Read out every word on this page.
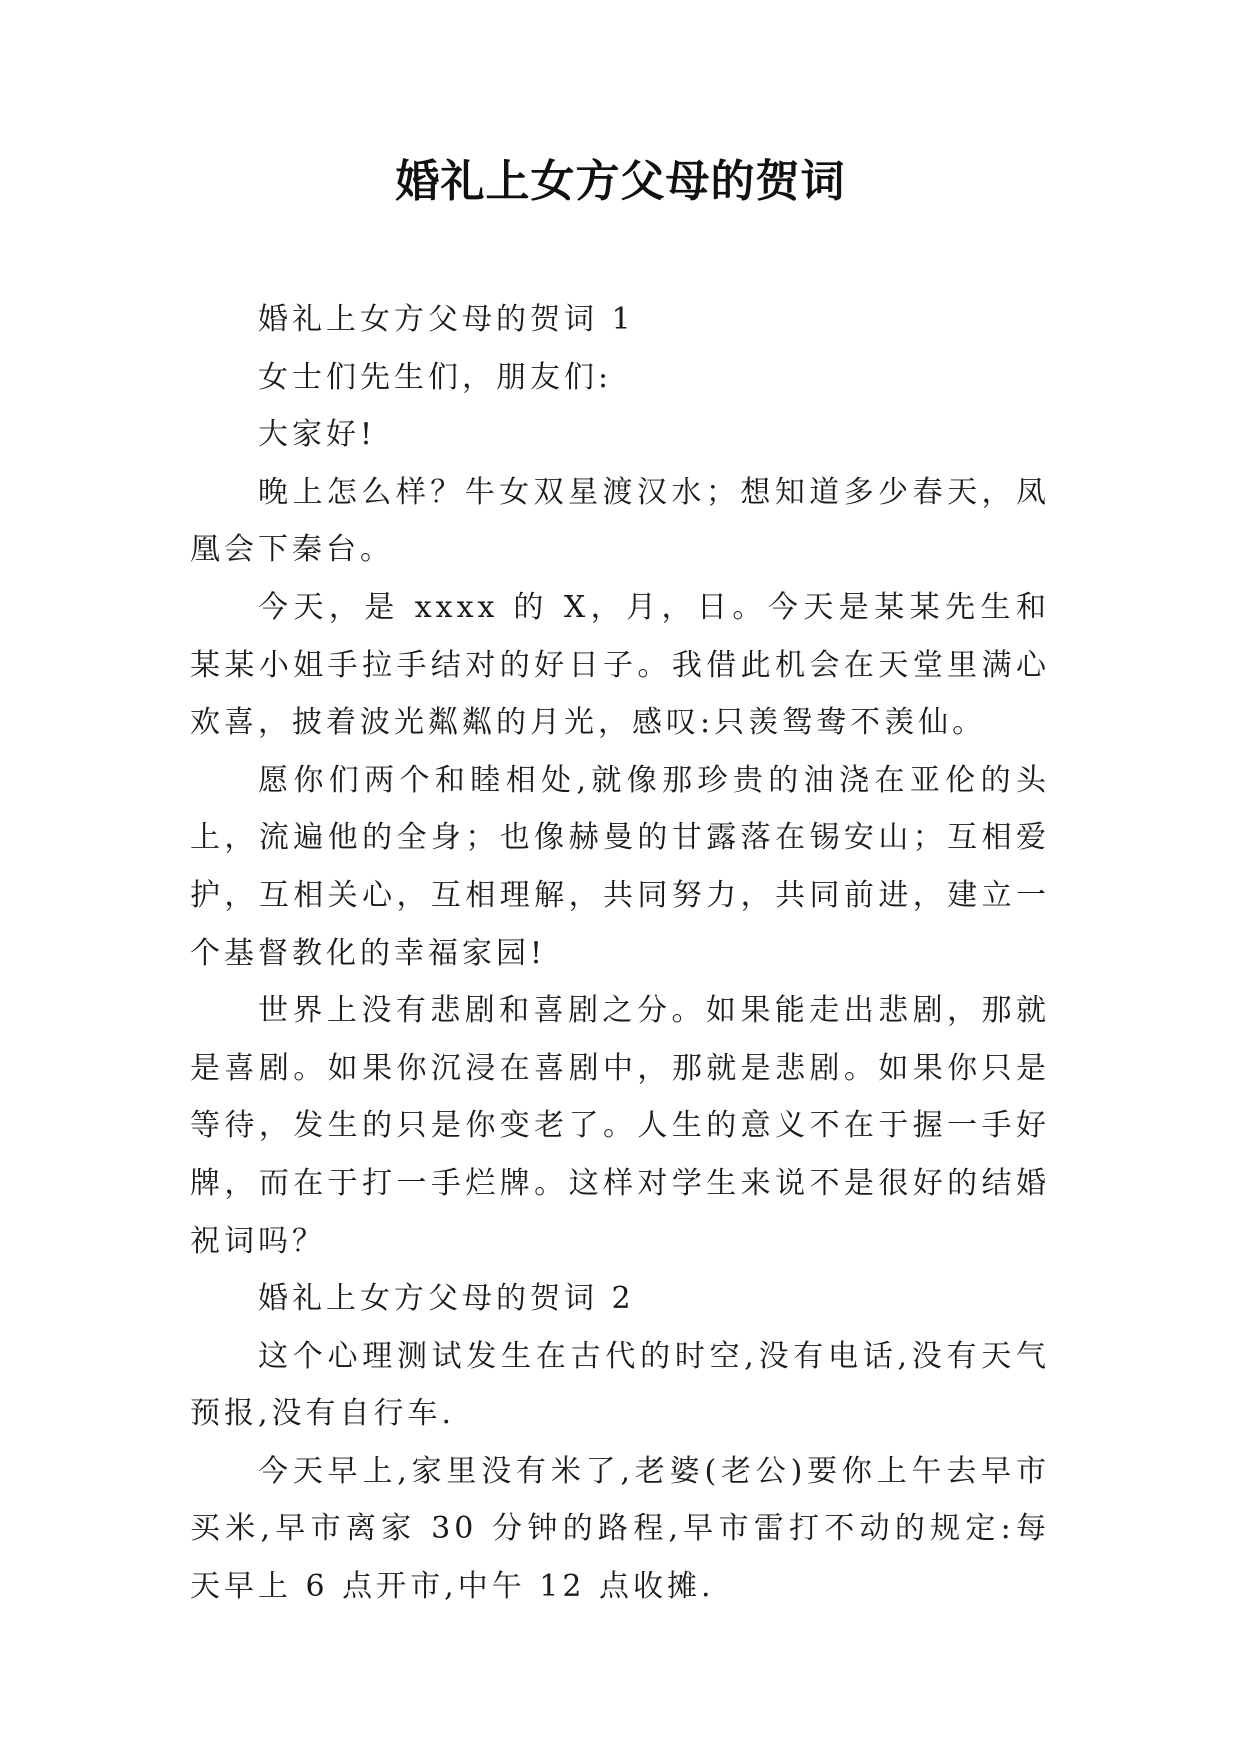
婚礼上女方父母的贺词

婚礼上女方父母的贺词 1

女士们先生们，朋友们:

大家好!

晚上怎么样？牛女双星渡汉水；想知道多少春天，凤凰会下秦台。

今天，是 xxxx 的 X，月，日。今天是某某先生和某某小姐手拉手结对的好日子。我借此机会在天堂里满心欢喜，披着波光粼粼的月光，感叹:只羡鸳鸯不羡仙。

愿你们两个和睦相处,就像那珍贵的油浇在亚伦的头上，流遍他的全身；也像赫曼的甘露落在锡安山；互相爱护，互相关心，互相理解，共同努力，共同前进，建立一个基督教化的幸福家园!

世界上没有悲剧和喜剧之分。如果能走出悲剧，那就是喜剧。如果你沉浸在喜剧中，那就是悲剧。如果你只是等待，发生的只是你变老了。人生的意义不在于握一手好牌，而在于打一手烂牌。这样对学生来说不是很好的结婚祝词吗？

婚礼上女方父母的贺词 2

这个心理测试发生在古代的时空,没有电话,没有天气预报,没有自行车.

今天早上,家里没有米了,老婆(老公)要你上午去早市买米,早市离家 30 分钟的路程,早市雷打不动的规定:每天早上 6 点开市,中午 12 点收摊.
